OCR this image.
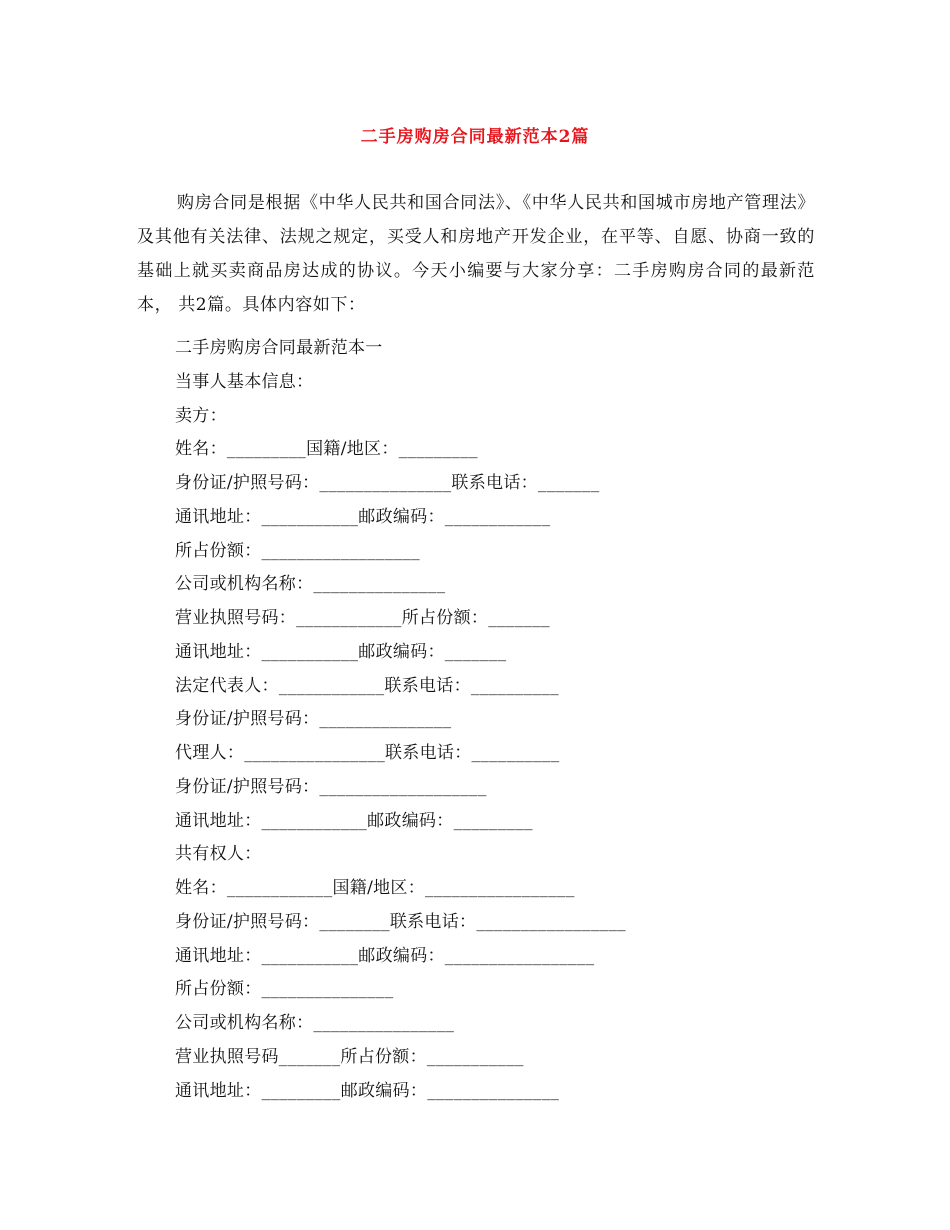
二手房购房合同最新范本2篇

购房合同是根据《中华人民共和国合同法》、《中华人民共和国城市房地产管理法》及其他有关法律、法规之规定，买受人和房地产开发企业，在平等、自愿、协商一致的基础上就买卖商品房达成的协议。今天小编要与大家分享：二手房购房合同的最新范本， 共2篇。具体内容如下：

二手房购房合同最新范本一
当事人基本信息：
卖方：
姓名：_________国籍/地区：_________
身份证/护照号码：_______________联系电话：_______
通讯地址：___________邮政编码：____________
所占份额：__________________
公司或机构名称：_______________
营业执照号码：____________所占份额：_______
通讯地址：___________邮政编码：_______
法定代表人：____________联系电话：__________
身份证/护照号码：_______________
代理人：________________联系电话：__________
身份证/护照号码：___________________
通讯地址：____________邮政编码：_________
共有权人：
姓名：____________国籍/地区：_________________
身份证/护照号码：________联系电话：_________________
通讯地址：___________邮政编码：_________________
所占份额：_______________
公司或机构名称：________________
营业执照号码_______所占份额：___________
通讯地址：_________邮政编码：_______________
